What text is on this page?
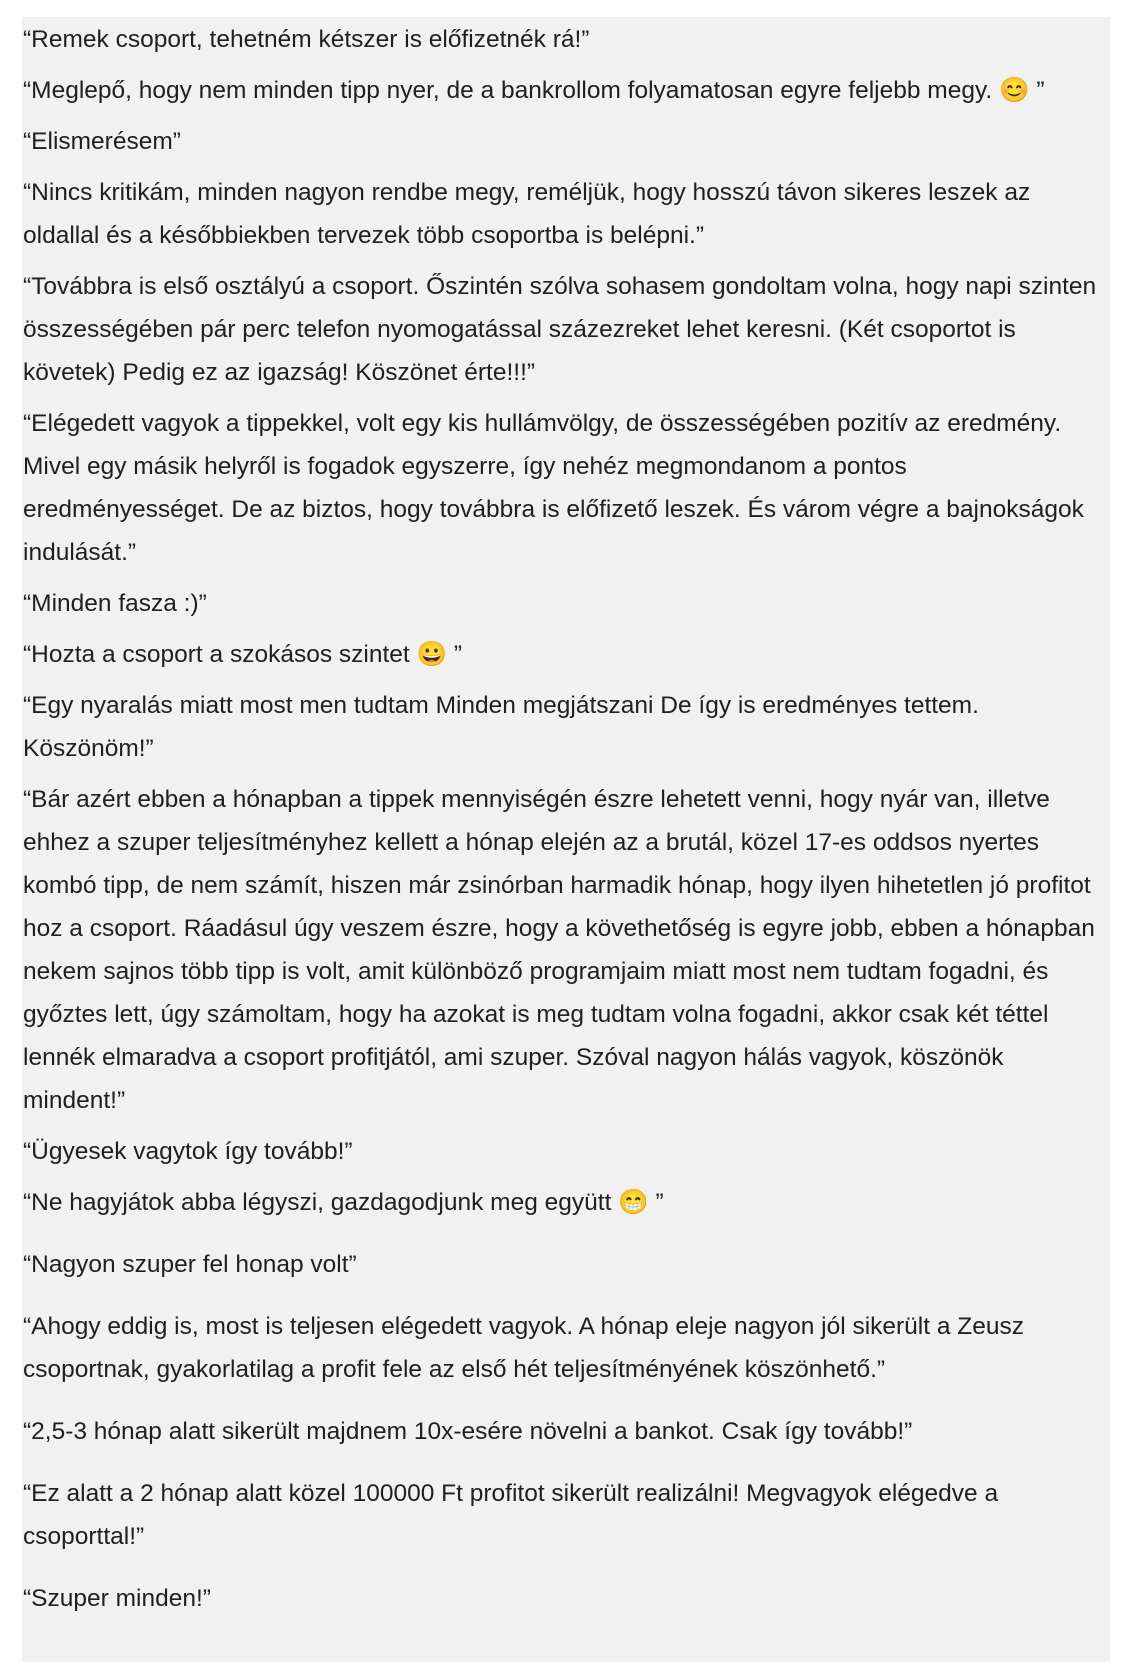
“Remek csoport, tehetném kétszer is előfizetnék rá!”

“Meglepő, hogy nem minden tipp nyer, de a bankrollom folyamatosan egyre feljebb megy. 😊 ”

“Elismerésem”

“Nincs kritikám, minden nagyon rendbe megy, reméljük, hogy hosszú távon sikeres leszek az oldallal és a későbbiekben tervezek több csoportba is belépni.”

“Továbbra is első osztályú a csoport. Őszintén szólva sohasem gondoltam volna, hogy napi szinten összességében pár perc telefon nyomogatással százezreket lehet keresni. (Két csoportot is követek) Pedig ez az igazság! Köszönet érte!!!”

“Elégedett vagyok a tippekkel, volt egy kis hullámvölgy, de összességében pozitív az eredmény. Mivel egy másik helyről is fogadok egyszerre, így nehéz megmondanom a pontos eredményességet. De az biztos, hogy továbbra is előfizető leszek. És várom végre a bajnokságok indulását.”

“Minden fasza :)”

“Hozta a csoport a szokásos szintet 😀 ”

“Egy nyaralás miatt most men tudtam Minden megjátszani De így is eredményes tettem. Köszönöm!”

“Bár azért ebben a hónapban a tippek mennyiségén észre lehetett venni, hogy nyár van, illetve ehhez a szuper teljesítményhez kellett a hónap elején az a brutál, közel 17-es oddsos nyertes kombó tipp, de nem számít, hiszen már zsinórban harmadik hónap, hogy ilyen hihetetlen jó profitot hoz a csoport. Ráadásul úgy veszem észre, hogy a követhetőség is egyre jobb, ebben a hónapban nekem sajnos több tipp is volt, amit különböző programjaim miatt most nem tudtam fogadni, és győztes lett, úgy számoltam, hogy ha azokat is meg tudtam volna fogadni, akkor csak két téttel lennék elmaradva a csoport profitjától, ami szuper. Szóval nagyon hálás vagyok, köszönök mindent!”

“Ügyesek vagytok így tovább!”

“Ne hagyjátok abba légyszi, gazdagodjunk meg együtt 😁 ”

“Nagyon szuper fel honap volt”

“Ahogy eddig is, most is teljesen elégedett vagyok. A hónap eleje nagyon jól sikerült a Zeusz csoportnak, gyakorlatilag a profit fele az első hét teljesítményének köszönhető.”

“2,5-3 hónap alatt sikerült majdnem 10x-esére növelni a bankot. Csak így tovább!”

“Ez alatt a 2 hónap alatt közel 100000 Ft profitot sikerült realizálni! Megvagyok elégedve a csoporttal!”

“Szuper minden!”
